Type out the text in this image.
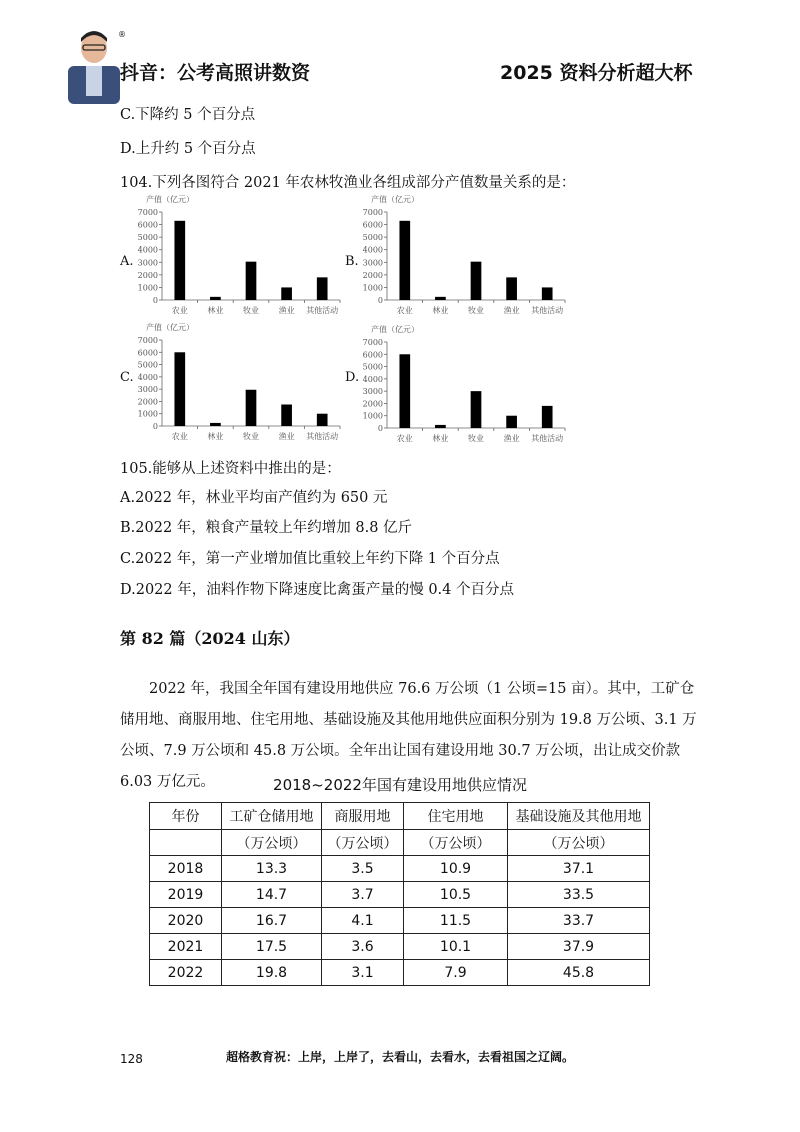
®
抖音：公考高照讲数资	2025 资料分析超大杯
C.下降约 5 个百分点
D.上升约 5 个百分点
104.下列各图符合 2021 年农林牧渔业各组成部分产值数量关系的是：
A.
产值（亿元）
0
1000
2000
3000
4000
5000
6000
7000
农业 林业 牧业 渔业 其他活动
B.
产值（亿元）
0
1000
2000
3000
4000
5000
6000
7000
农业 林业 牧业 渔业 其他活动
C.
产值（亿元）
0
1000
2000
3000
4000
5000
6000
7000
农业 林业 牧业 渔业 其他活动
D.
产值（亿元）
0
1000
2000
3000
4000
5000
6000
7000
农业 林业 牧业 渔业 其他活动
105.能够从上述资料中推出的是：
A.2022 年，林业平均亩产值约为 650 元
B.2022 年，粮食产量较上年约增加 8.8 亿斤
C.2022 年，第一产业增加值比重较上年约下降 1 个百分点
D.2022 年，油料作物下降速度比禽蛋产量的慢 0.4 个百分点
第 82 篇（2024 山东）
2022 年，我国全年国有建设用地供应 76.6 万公顷（1 公顷=15 亩）。其中，工矿仓储用地、商服用地、住宅用地、基础设施及其他用地供应面积分别为 19.8 万公顷、3.1 万公顷、7.9 万公顷和 45.8 万公顷。全年出让国有建设用地 30.7 万公顷，出让成交价款 6.03 万亿元。	2018~2022年国有建设用地供应情况
年份	工矿仓储用地	商服用地	住宅用地	基础设施及其他用地
	（万公顷）	（万公顷）	（万公顷）	（万公顷）
2018	13.3	3.5	10.9	37.1
2019	14.7	3.7	10.5	33.5
2020	16.7	4.1	11.5	33.7
2021	17.5	3.6	10.1	37.9
2022	19.8	3.1	7.9	45.8
128	超格教育祝：上岸，上岸了，去看山，去看水，去看祖国之辽阔。
